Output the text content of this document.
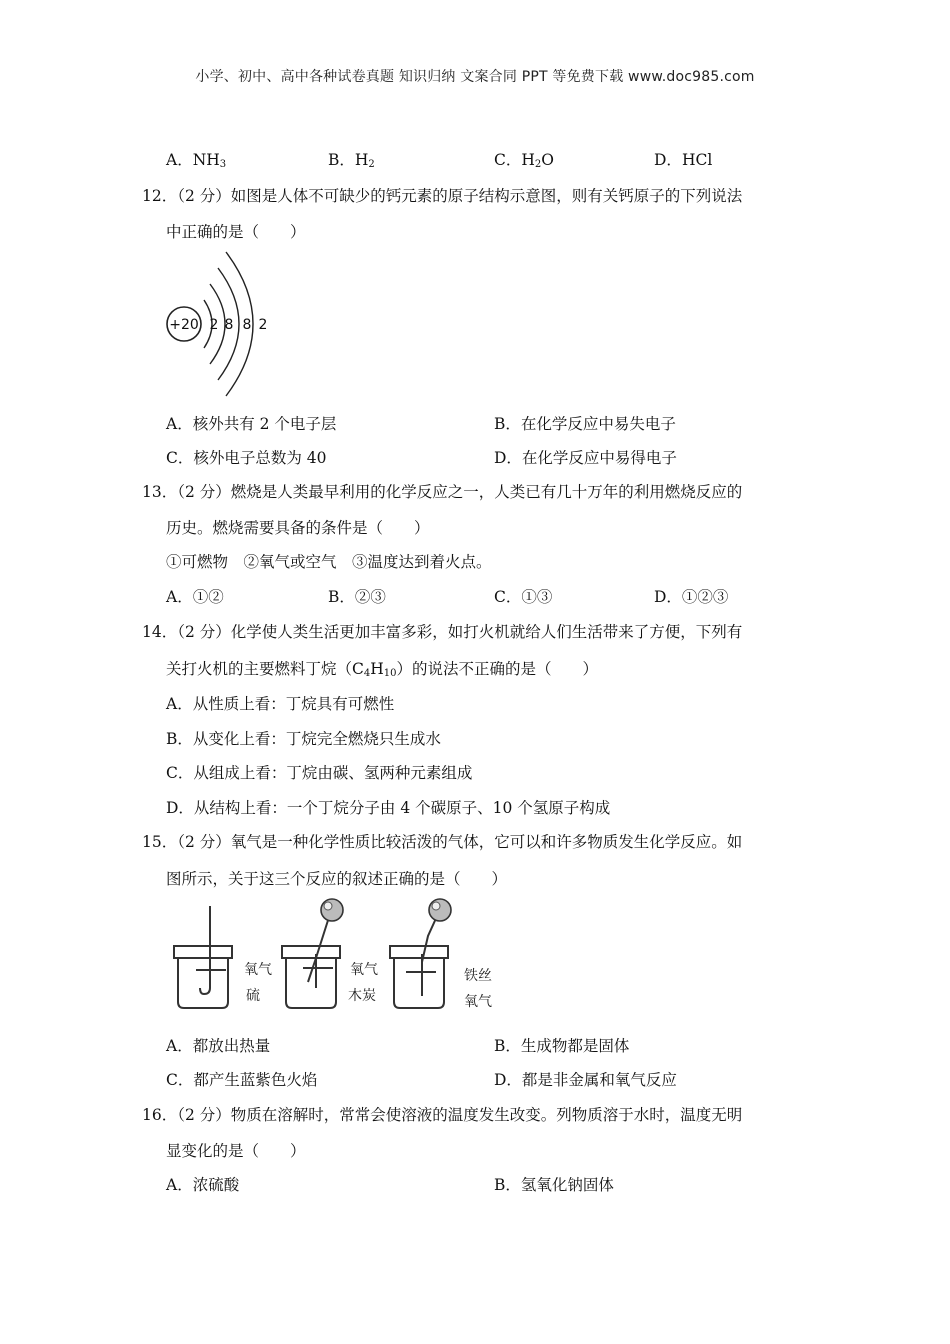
小学、初中、高中各种试卷真题 知识归纳 文案合同 PPT 等免费下载 www.doc985.com
A．$NH_3$	B．$H_2$	C．$H_2O$	D．HCl
12．（2 分）如图是人体不可缺少的钙元素的原子结构示意图，则有关钙原子的下列说法
中正确的是（　　）
+20 2 8 8 2
A．核外共有 2 个电子层	B．在化学反应中易失电子
C．核外电子总数为 40	D．在化学反应中易得电子
13．（2 分）燃烧是人类最早利用的化学反应之一，人类已有几十万年的利用燃烧反应的
历史。燃烧需要具备的条件是（　　）
①可燃物　②氧气或空气　③温度达到着火点。
A．①②	B．②③	C．①③	D．①②③
14．（2 分）化学使人类生活更加丰富多彩，如打火机就给人们生活带来了方便，下列有
关打火机的主要燃料丁烷$(C_4H_{10})$的说法不正确的是（　　）
A．从性质上看：丁烷具有可燃性
B．从变化上看：丁烷完全燃烧只生成水
C．从组成上看：丁烷由碳、氢两种元素组成
D．从结构上看：一个丁烷分子由 4 个碳原子、10 个氢原子构成
15．（2 分）氧气是一种化学性质比较活泼的气体，它可以和许多物质发生化学反应。如
图所示，关于这三个反应的叙述正确的是（　　）
氧气
硫
氧气
木炭
铁丝
氧气
A．都放出热量	B．生成物都是固体
C．都产生蓝紫色火焰	D．都是非金属和氧气反应
16．（2 分）物质在溶解时，常常会使溶液的温度发生改变。列物质溶于水时，温度无明
显变化的是（　　）
A．浓硫酸	B．氢氧化钠固体
